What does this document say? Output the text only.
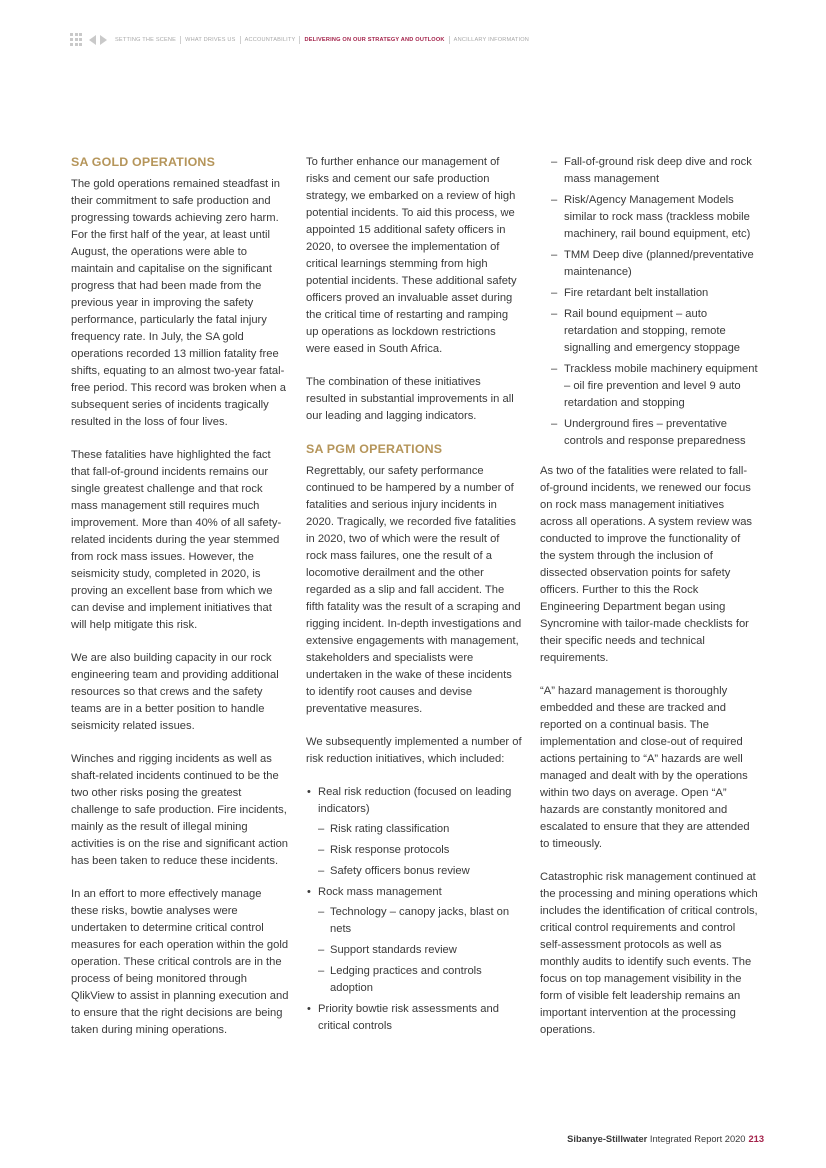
SETTING THE SCENE WHAT DRIVES US ACCOUNTABILITY DELIVERING ON OUR STRATEGY AND OUTLOOK ANCILLARY INFORMATION
SA GOLD OPERATIONS

The gold operations remained steadfast in their commitment to safe production and progressing towards achieving zero harm. For the first half of the year, at least until August, the operations were able to maintain and capitalise on the significant progress that had been made from the previous year in improving the safety performance, particularly the fatal injury frequency rate. In July, the SA gold operations recorded 13 million fatality free shifts, equating to an almost two-year fatal-free period. This record was broken when a subsequent series of incidents tragically resulted in the loss of four lives.

These fatalities have highlighted the fact that fall-of-ground incidents remains our single greatest challenge and that rock mass management still requires much improvement. More than 40% of all safety-related incidents during the year stemmed from rock mass issues. However, the seismicity study, completed in 2020, is proving an excellent base from which we can devise and implement initiatives that will help mitigate this risk.

We are also building capacity in our rock engineering team and providing additional resources so that crews and the safety teams are in a better position to handle seismicity related issues.

Winches and rigging incidents as well as shaft-related incidents continued to be the two other risks posing the greatest challenge to safe production. Fire incidents, mainly as the result of illegal mining activities is on the rise and significant action has been taken to reduce these incidents.

In an effort to more effectively manage these risks, bowtie analyses were undertaken to determine critical control measures for each operation within the gold operation. These critical controls are in the process of being monitored through QlikView to assist in planning execution and to ensure that the right decisions are being taken during mining operations.

To further enhance our management of risks and cement our safe production strategy, we embarked on a review of high potential incidents. To aid this process, we appointed 15 additional safety officers in 2020, to oversee the implementation of critical learnings stemming from high potential incidents. These additional safety officers proved an invaluable asset during the critical time of restarting and ramping up operations as lockdown restrictions were eased in South Africa.

The combination of these initiatives resulted in substantial improvements in all our leading and lagging indicators.

SA PGM OPERATIONS

Regrettably, our safety performance continued to be hampered by a number of fatalities and serious injury incidents in 2020. Tragically, we recorded five fatalities in 2020, two of which were the result of rock mass failures, one the result of a locomotive derailment and the other regarded as a slip and fall accident. The fifth fatality was the result of a scraping and rigging incident. In-depth investigations and extensive engagements with management, stakeholders and specialists were undertaken in the wake of these incidents to identify root causes and devise preventative measures.

We subsequently implemented a number of risk reduction initiatives, which included:

• Real risk reduction (focused on leading indicators)
– Risk rating classification
– Risk response protocols
– Safety officers bonus review
• Rock mass management
– Technology – canopy jacks, blast on nets
– Support standards review
– Ledging practices and controls adoption
• Priority bowtie risk assessments and critical controls
– Fall-of-ground risk deep dive and rock mass management
– Risk/Agency Management Models similar to rock mass (trackless mobile machinery, rail bound equipment, etc)
– TMM Deep dive (planned/preventative maintenance)
– Fire retardant belt installation
– Rail bound equipment – auto retardation and stopping, remote signalling and emergency stoppage
– Trackless mobile machinery equipment – oil fire prevention and level 9 auto retardation and stopping
– Underground fires – preventative controls and response preparedness

As two of the fatalities were related to fall-of-ground incidents, we renewed our focus on rock mass management initiatives across all operations. A system review was conducted to improve the functionality of the system through the inclusion of dissected observation points for safety officers. Further to this the Rock Engineering Department began using Syncromine with tailor-made checklists for their specific needs and technical requirements.

“A” hazard management is thoroughly embedded and these are tracked and reported on a continual basis. The implementation and close-out of required actions pertaining to “A” hazards are well managed and dealt with by the operations within two days on average. Open “A” hazards are constantly monitored and escalated to ensure that they are attended to timeously.

Catastrophic risk management continued at the processing and mining operations which includes the identification of critical controls, critical control requirements and control self-assessment protocols as well as monthly audits to identify such events. The focus on top management visibility in the form of visible felt leadership remains an important intervention at the processing operations.

Sibanye-Stillwater Integrated Report 2020 213
